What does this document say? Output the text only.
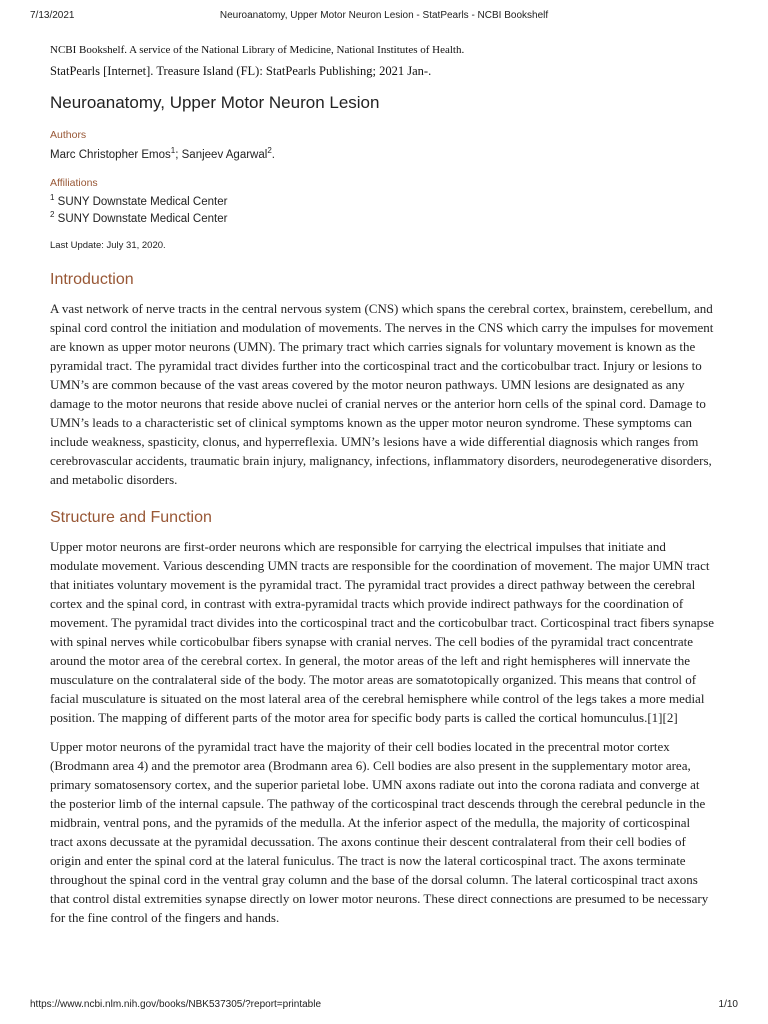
7/13/2021	Neuroanatomy, Upper Motor Neuron Lesion - StatPearls - NCBI Bookshelf
NCBI Bookshelf. A service of the National Library of Medicine, National Institutes of Health.
StatPearls [Internet]. Treasure Island (FL): StatPearls Publishing; 2021 Jan-.
Neuroanatomy, Upper Motor Neuron Lesion
Authors
Marc Christopher Emos$^1$; Sanjeev Agarwal$^2$.
Affiliations
$^1$ SUNY Downstate Medical Center
$^2$ SUNY Downstate Medical Center
Last Update: July 31, 2020.
Introduction

A vast network of nerve tracts in the central nervous system (CNS) which spans the cerebral cortex, brainstem, cerebellum, and spinal cord control the initiation and modulation of movements. The nerves in the CNS which carry the impulses for movement are known as upper motor neurons (UMN). The primary tract which carries signals for voluntary movement is known as the pyramidal tract. The pyramidal tract divides further into the corticospinal tract and the corticobulbar tract. Injury or lesions to UMN’s are common because of the vast areas covered by the motor neuron pathways. UMN lesions are designated as any damage to the motor neurons that reside above nuclei of cranial nerves or the anterior horn cells of the spinal cord. Damage to UMN’s leads to a characteristic set of clinical symptoms known as the upper motor neuron syndrome. These symptoms can include weakness, spasticity, clonus, and hyperreflexia. UMN’s lesions have a wide differential diagnosis which ranges from cerebrovascular accidents, traumatic brain injury, malignancy, infections, inflammatory disorders, neurodegenerative disorders, and metabolic disorders.

Structure and Function

Upper motor neurons are first-order neurons which are responsible for carrying the electrical impulses that initiate and modulate movement. Various descending UMN tracts are responsible for the coordination of movement. The major UMN tract that initiates voluntary movement is the pyramidal tract. The pyramidal tract provides a direct pathway between the cerebral cortex and the spinal cord, in contrast with extra-pyramidal tracts which provide indirect pathways for the coordination of movement. The pyramidal tract divides into the corticospinal tract and the corticobulbar tract. Corticospinal tract fibers synapse with spinal nerves while corticobulbar fibers synapse with cranial nerves. The cell bodies of the pyramidal tract concentrate around the motor area of the cerebral cortex. In general, the motor areas of the left and right hemispheres will innervate the musculature on the contralateral side of the body. The motor areas are somatotopically organized. This means that control of facial musculature is situated on the most lateral area of the cerebral hemisphere while control of the legs takes a more medial position. The mapping of different parts of the motor area for specific body parts is called the cortical homunculus.[1][2]

Upper motor neurons of the pyramidal tract have the majority of their cell bodies located in the precentral motor cortex (Brodmann area 4) and the premotor area (Brodmann area 6). Cell bodies are also present in the supplementary motor area, primary somatosensory cortex, and the superior parietal lobe. UMN axons radiate out into the corona radiata and converge at the posterior limb of the internal capsule. The pathway of the corticospinal tract descends through the cerebral peduncle in the midbrain, ventral pons, and the pyramids of the medulla. At the inferior aspect of the medulla, the majority of corticospinal tract axons decussate at the pyramidal decussation. The axons continue their descent contralateral from their cell bodies of origin and enter the spinal cord at the lateral funiculus. The tract is now the lateral corticospinal tract. The axons terminate throughout the spinal cord in the ventral gray column and the base of the dorsal column. The lateral corticospinal tract axons that control distal extremities synapse directly on lower motor neurons. These direct connections are presumed to be necessary for the fine control of the fingers and hands.

https://www.ncbi.nlm.nih.gov/books/NBK537305/?report=printable	1/10
